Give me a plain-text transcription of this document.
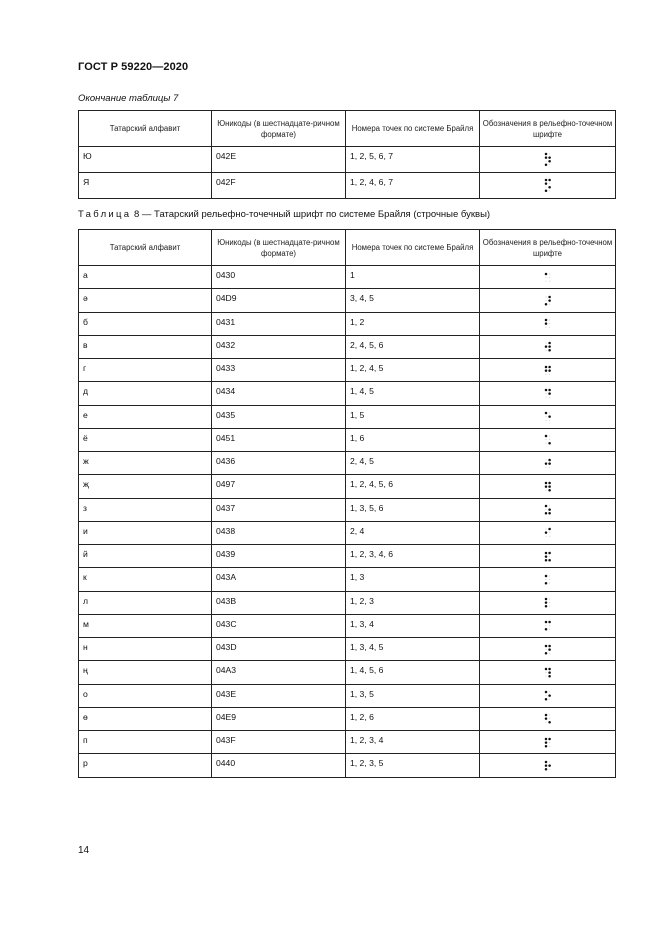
ГОСТ Р 59220—2020
Окончание таблицы 7
Татарский алфавит	Юникоды (в шестнадцате-ричном формате)	Номера точек по системе Брайля	Обозначения в рельефно-точечном шрифте
Ю	042E	1, 2, 5, 6, 7	

Я	042F	1, 2, 4, 6, 7	
Таблица 8 — Татарский рельефно-точечный шрифт по системе Брайля (строчные буквы)
Татарский алфавит	Юникоды (в шестнадцате-ричном формате)	Номера точек по системе Брайля	Обозначения в рельефно-точечном шрифте
а	0430	1	

ә	04D9	3, 4, 5	

б	0431	1, 2	

в	0432	2, 4, 5, 6	

г	0433	1, 2, 4, 5	

д	0434	1, 4, 5	

е	0435	1, 5	

ё	0451	1, 6	

ж	0436	2, 4, 5	

җ	0497	1, 2, 4, 5, 6	

з	0437	1, 3, 5, 6	

и	0438	2, 4	

й	0439	1, 2, 3, 4, 6	

к	043A	1, 3	

л	043B	1, 2, 3	

м	043C	1, 3, 4	

н	043D	1, 3, 4, 5	

ң	04A3	1, 4, 5, 6	

о	043E	1, 3, 5	

ө	04E9	1, 2, 6	

п	043F	1, 2, 3, 4	

р	0440	1, 2, 3, 5	
14
